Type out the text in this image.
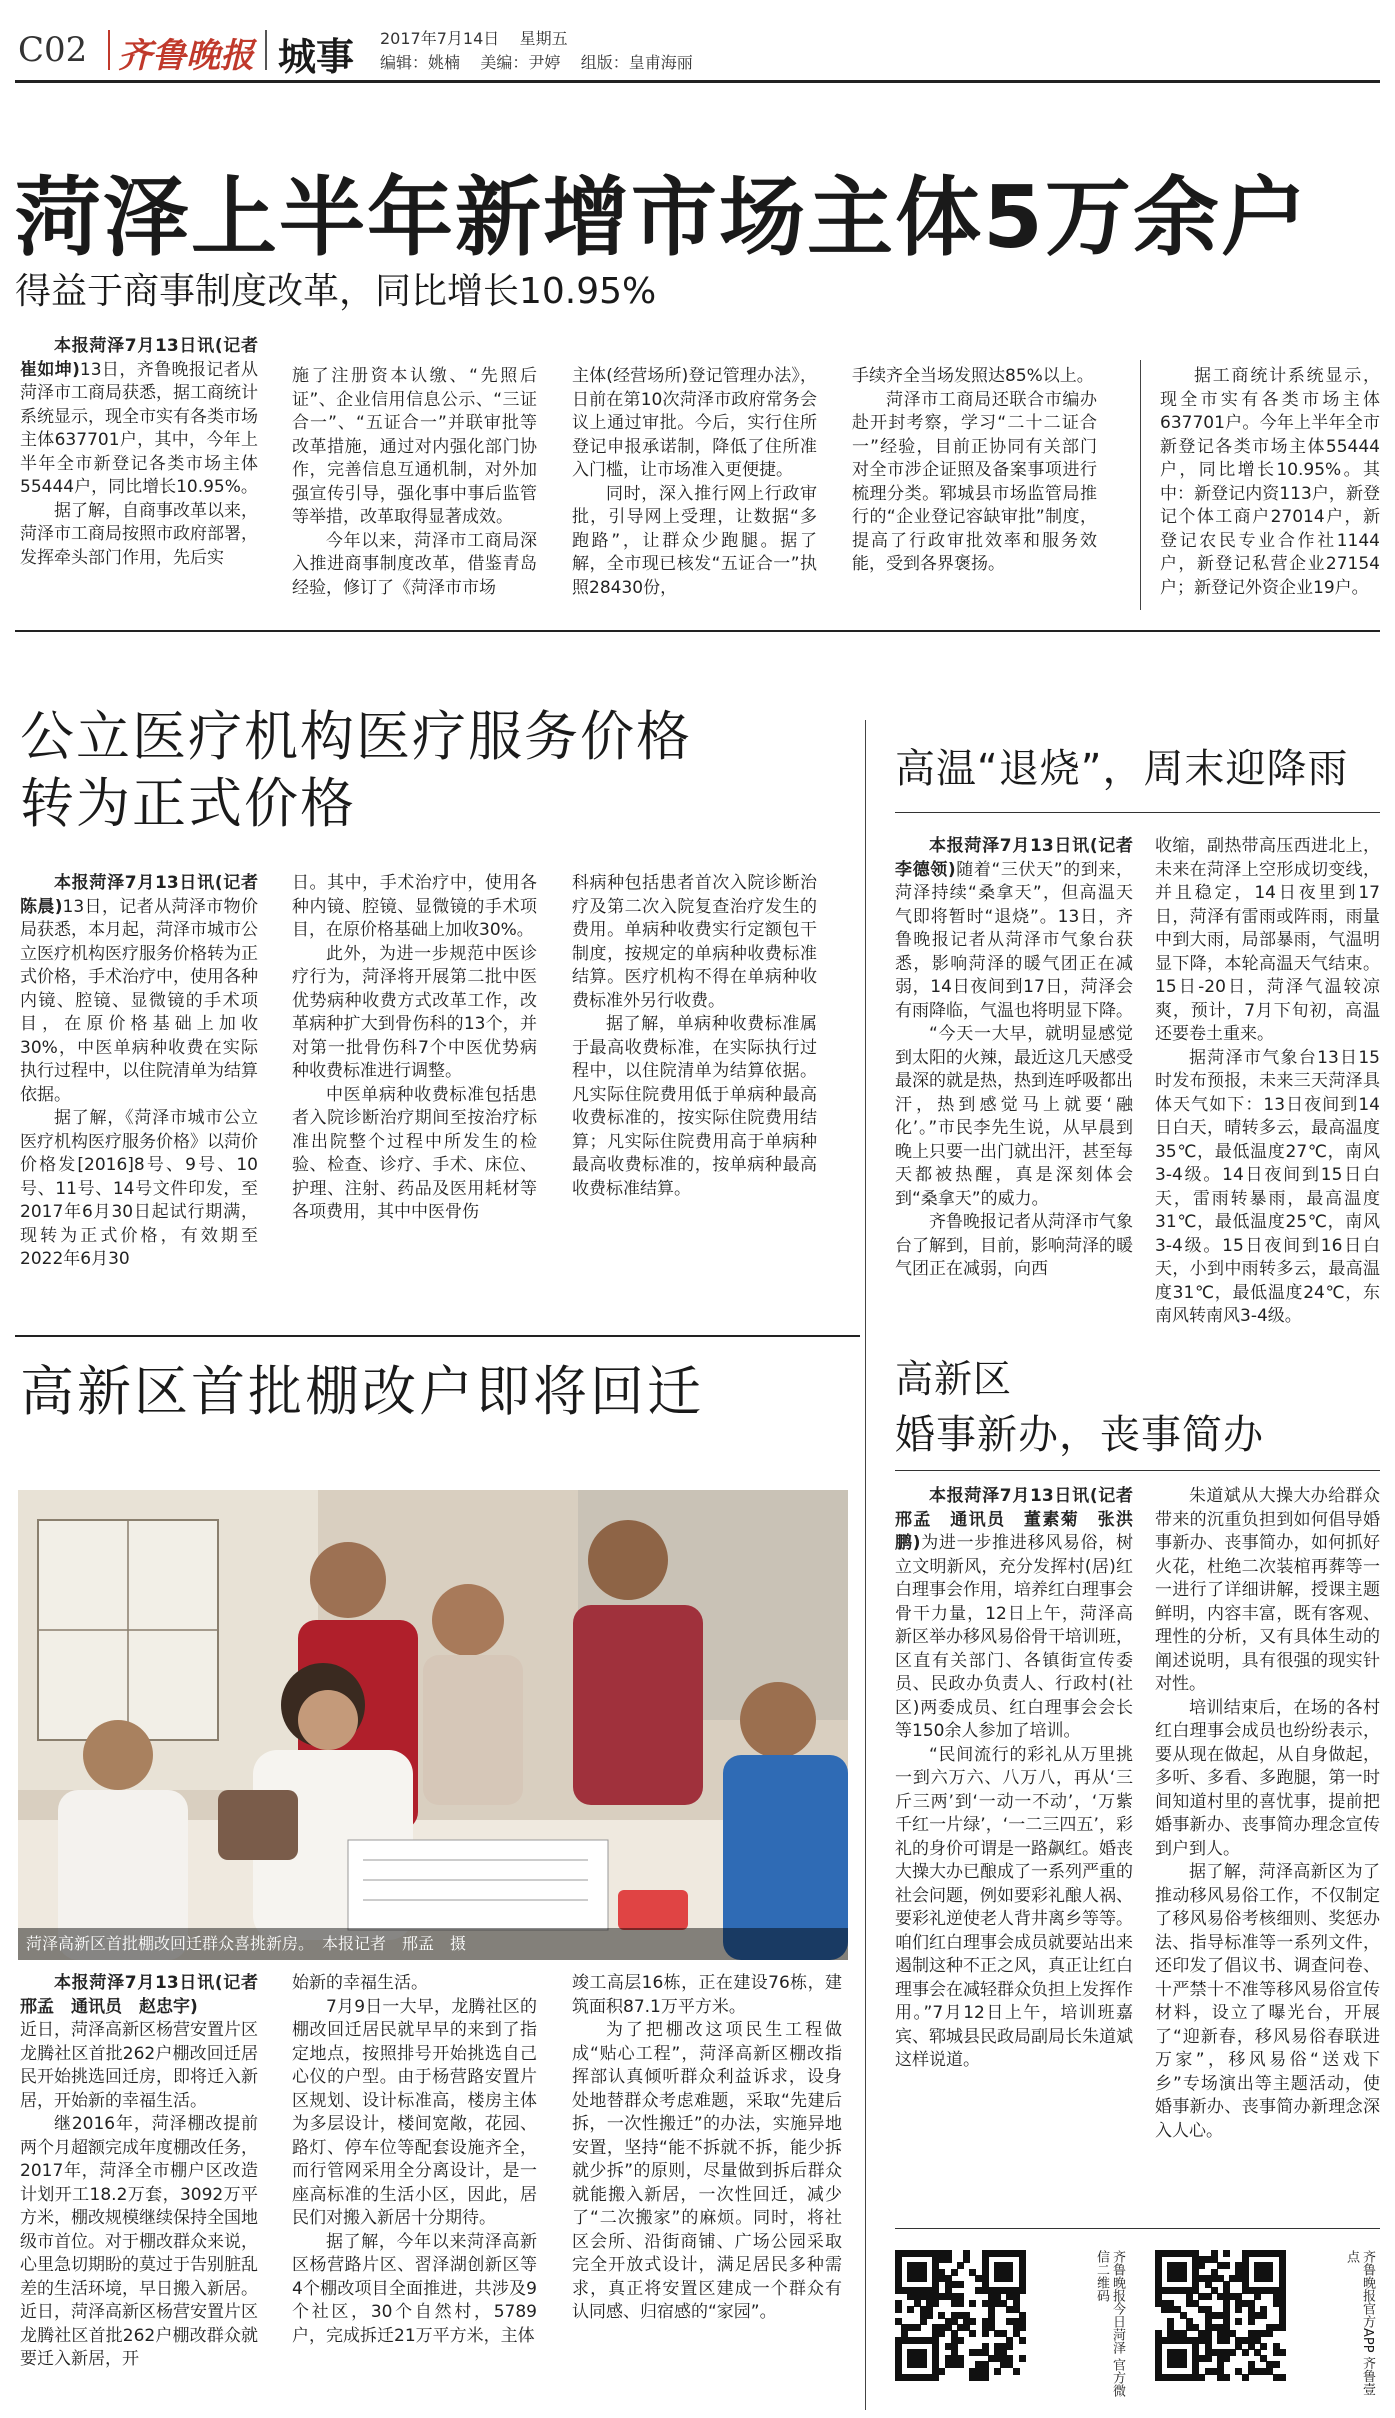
C02 齐鲁晚报 城事 2017年7月14日 星期五
编辑：姚楠 美编：尹婷 组版：皇甫海丽
菏泽上半年新增市场主体5万余户
得益于商事制度改革，同比增长10.95%

本报菏泽7月13日讯(记者　崔如坤)13日，齐鲁晚报记者从菏泽市工商局获悉，据工商统计系统显示，现全市实有各类市场主体637701户，其中，今年上半年全市新登记各类市场主体55444户，同比增长10.95%。

据了解，自商事改革以来，菏泽市工商局按照市政府部署，发挥牵头部门作用，先后实

施了注册资本认缴、“先照后证”、企业信用信息公示、“三证合一”、“五证合一”并联审批等改革措施，通过对内强化部门协作，完善信息互通机制，对外加强宣传引导，强化事中事后监管等举措，改革取得显著成效。

今年以来，菏泽市工商局深入推进商事制度改革，借鉴青岛经验，修订了《菏泽市市场

主体(经营场所)登记管理办法》，日前在第10次菏泽市政府常务会议上通过审批。今后，实行住所登记申报承诺制，降低了住所准入门槛，让市场准入更便捷。

同时，深入推行网上行政审批，引导网上受理，让数据“多跑路”，让群众少跑腿。据了解，全市现已核发“五证合一”执照28430份，

手续齐全当场发照达85%以上。

菏泽市工商局还联合市编办赴开封考察，学习“二十二证合一”经验，目前正协同有关部门对全市涉企证照及备案事项进行梳理分类。郓城县市场监管局推行的“企业登记容缺审批”制度，提高了行政审批效率和服务效能，受到各界褒扬。

据工商统计系统显示，现全市实有各类市场主体637701户。今年上半年全市新登记各类市场主体55444户，同比增长10.95%。其中：新登记内资113户，新登记个体工商户27014户，新登记农民专业合作社1144户，新登记私营企业27154户；新登记外资企业19户。

公立医疗机构医疗服务价格
转为正式价格

本报菏泽7月13日讯(记者　陈晨)13日，记者从菏泽市物价局获悉，本月起，菏泽市城市公立医疗机构医疗服务价格转为正式价格，手术治疗中，使用各种内镜、腔镜、显微镜的手术项目，在原价格基础上加收30%，中医单病种收费在实际执行过程中，以住院清单为结算依据。

据了解，《菏泽市城市公立医疗机构医疗服务价格》以菏价价格发[2016]8号、9号、10号、11号、14号文件印发，至2017年6月30日起试行期满，现转为正式价格，有效期至2022年6月30

日。其中，手术治疗中，使用各种内镜、腔镜、显微镜的手术项目，在原价格基础上加收30%。

此外，为进一步规范中医诊疗行为，菏泽将开展第二批中医优势病种收费方式改革工作，改革病种扩大到骨伤科的13个，并对第一批骨伤科7个中医优势病种收费标准进行调整。

中医单病种收费标准包括患者入院诊断治疗期间至按治疗标准出院整个过程中所发生的检验、检查、诊疗、手术、床位、护理、注射、药品及医用耗材等各项费用，其中中医骨伤

科病种包括患者首次入院诊断治疗及第二次入院复查治疗发生的费用。单病种收费实行定额包干制度，按规定的单病种收费标准结算。医疗机构不得在单病种收费标准外另行收费。

据了解，单病种收费标准属于最高收费标准，在实际执行过程中，以住院清单为结算依据。凡实际住院费用低于单病种最高收费标准的，按实际住院费用结算；凡实际住院费用高于单病种最高收费标准的，按单病种最高收费标准结算。

高温“退烧”，周末迎降雨

本报菏泽7月13日讯(记者　李德领)随着“三伏天”的到来，菏泽持续“桑拿天”，但高温天气即将暂时“退烧”。13日，齐鲁晚报记者从菏泽市气象台获悉，影响菏泽的暖气团正在减弱，14日夜间到17日，菏泽会有雨降临，气温也将明显下降。

“今天一大早，就明显感觉到太阳的火辣，最近这几天感受最深的就是热，热到连呼吸都出汗，热到感觉马上就要‘融化’。”市民李先生说，从早晨到晚上只要一出门就出汗，甚至每天都被热醒，真是深刻体会到“桑拿天”的威力。

齐鲁晚报记者从菏泽市气象台了解到，目前，影响菏泽的暖气团正在减弱，向西

收缩，副热带高压西进北上，未来在菏泽上空形成切变线，并且稳定，14日夜里到17日，菏泽有雷雨或阵雨，雨量中到大雨，局部暴雨，气温明显下降，本轮高温天气结束。15日-20日，菏泽气温较凉爽，预计，7月下旬初，高温还要卷土重来。

据菏泽市气象台13日15时发布预报，未来三天菏泽具体天气如下：13日夜间到14日白天，晴转多云，最高温度35℃，最低温度27℃，南风3-4级。14日夜间到15日白天，雷雨转暴雨，最高温度31℃，最低温度25℃，南风3-4级。15日夜间到16日白天，小到中雨转多云，最高温度31℃，最低温度24℃，东南风转南风3-4级。

高新区首批棚改户即将回迁
菏泽高新区首批棚改回迁群众喜挑新房。　本报记者　邢孟　摄

本报菏泽7月13日讯(记者　邢孟　通讯员　赵忠宇)

近日，菏泽高新区杨营安置片区龙腾社区首批262户棚改回迁居民开始挑选回迁房，即将迁入新居，开始新的幸福生活。

继2016年，菏泽棚改提前两个月超额完成年度棚改任务，2017年，菏泽全市棚户区改造计划开工18.2万套，3092万平方米，棚改规模继续保持全国地级市首位。对于棚改群众来说，心里急切期盼的莫过于告别脏乱差的生活环境，早日搬入新居。近日，菏泽高新区杨营安置片区龙腾社区首批262户棚改群众就要迁入新居，开

始新的幸福生活。

7月9日一大早，龙腾社区的棚改回迁居民就早早的来到了指定地点，按照排号开始挑选自己心仪的户型。由于杨营路安置片区规划、设计标准高，楼房主体为多层设计，楼间宽敞，花园、路灯、停车位等配套设施齐全，而行管网采用全分离设计，是一座高标准的生活小区，因此，居民们对搬入新居十分期待。

据了解，今年以来菏泽高新区杨营路片区、習泽湖创新区等4个棚改项目全面推进，共涉及9个社区，30个自然村，5789户，完成拆迁21万平方米，主体

竣工高层16栋，正在建设76栋，建筑面积87.1万平方米。

为了把棚改这项民生工程做成“贴心工程”，菏泽高新区棚改指挥部认真倾听群众利益诉求，设身处地替群众考虑难题，采取“先建后拆，一次性搬迁”的办法，实施异地安置，坚持“能不拆就不拆，能少拆就少拆”的原则，尽量做到拆后群众就能搬入新居，一次性回迁，减少了“二次搬家”的麻烦。同时，将社区会所、沿街商铺、广场公园采取完全开放式设计，满足居民多种需求，真正将安置区建成一个群众有认同感、归宿感的“家园”。

高新区
婚事新办，丧事简办

本报菏泽7月13日讯(记者　邢孟　通讯员　董素菊　张洪鹏)为进一步推进移风易俗，树立文明新风，充分发挥村(居)红白理事会作用，培养红白理事会骨干力量，12日上午，菏泽高新区举办移风易俗骨干培训班，区直有关部门、各镇街宣传委员、民政办负责人、行政村(社区)两委成员、红白理事会会长等150余人参加了培训。

“民间流行的彩礼从万里挑一到六万六、八万八，再从‘三斤三两’到‘一动一不动’，‘万紫千红一片绿’，‘一二三四五’，彩礼的身价可谓是一路飙红。婚丧大操大办已酿成了一系列严重的社会问题，例如要彩礼酿人祸、要彩礼逆使老人背井离乡等等。咱们红白理事会成员就要站出来遏制这种不正之风，真正让红白理事会在减轻群众负担上发挥作用。”7月12日上午，培训班嘉宾、郓城县民政局副局长朱道斌这样说道。

朱道斌从大操大办给群众带来的沉重负担到如何倡导婚事新办、丧事简办，如何抓好火花，杜绝二次装棺再葬等一一进行了详细讲解，授课主题鲜明，内容丰富，既有客观、理性的分析，又有具体生动的阐述说明，具有很强的现实针对性。

培训结束后，在场的各村红白理事会成员也纷纷表示，要从现在做起，从自身做起，多听、多看、多跑腿，第一时间知道村里的喜忧事，提前把婚事新办、丧事简办理念宣传到户到人。

据了解，菏泽高新区为了推动移风易俗工作，不仅制定了移风易俗考核细则、奖惩办法、指导标准等一系列文件，还印发了倡议书、调查问卷、十严禁十不准等移风易俗宣传材料，设立了曝光台，开展了“迎新春，移风易俗春联进万家”，移风易俗“送戏下乡”专场演出等主题活动，使婚事新办、丧事简办新理念深入人心。

齐鲁晚报今日菏泽 官方微信二维码	齐鲁晚报官方APP 齐鲁壹点
